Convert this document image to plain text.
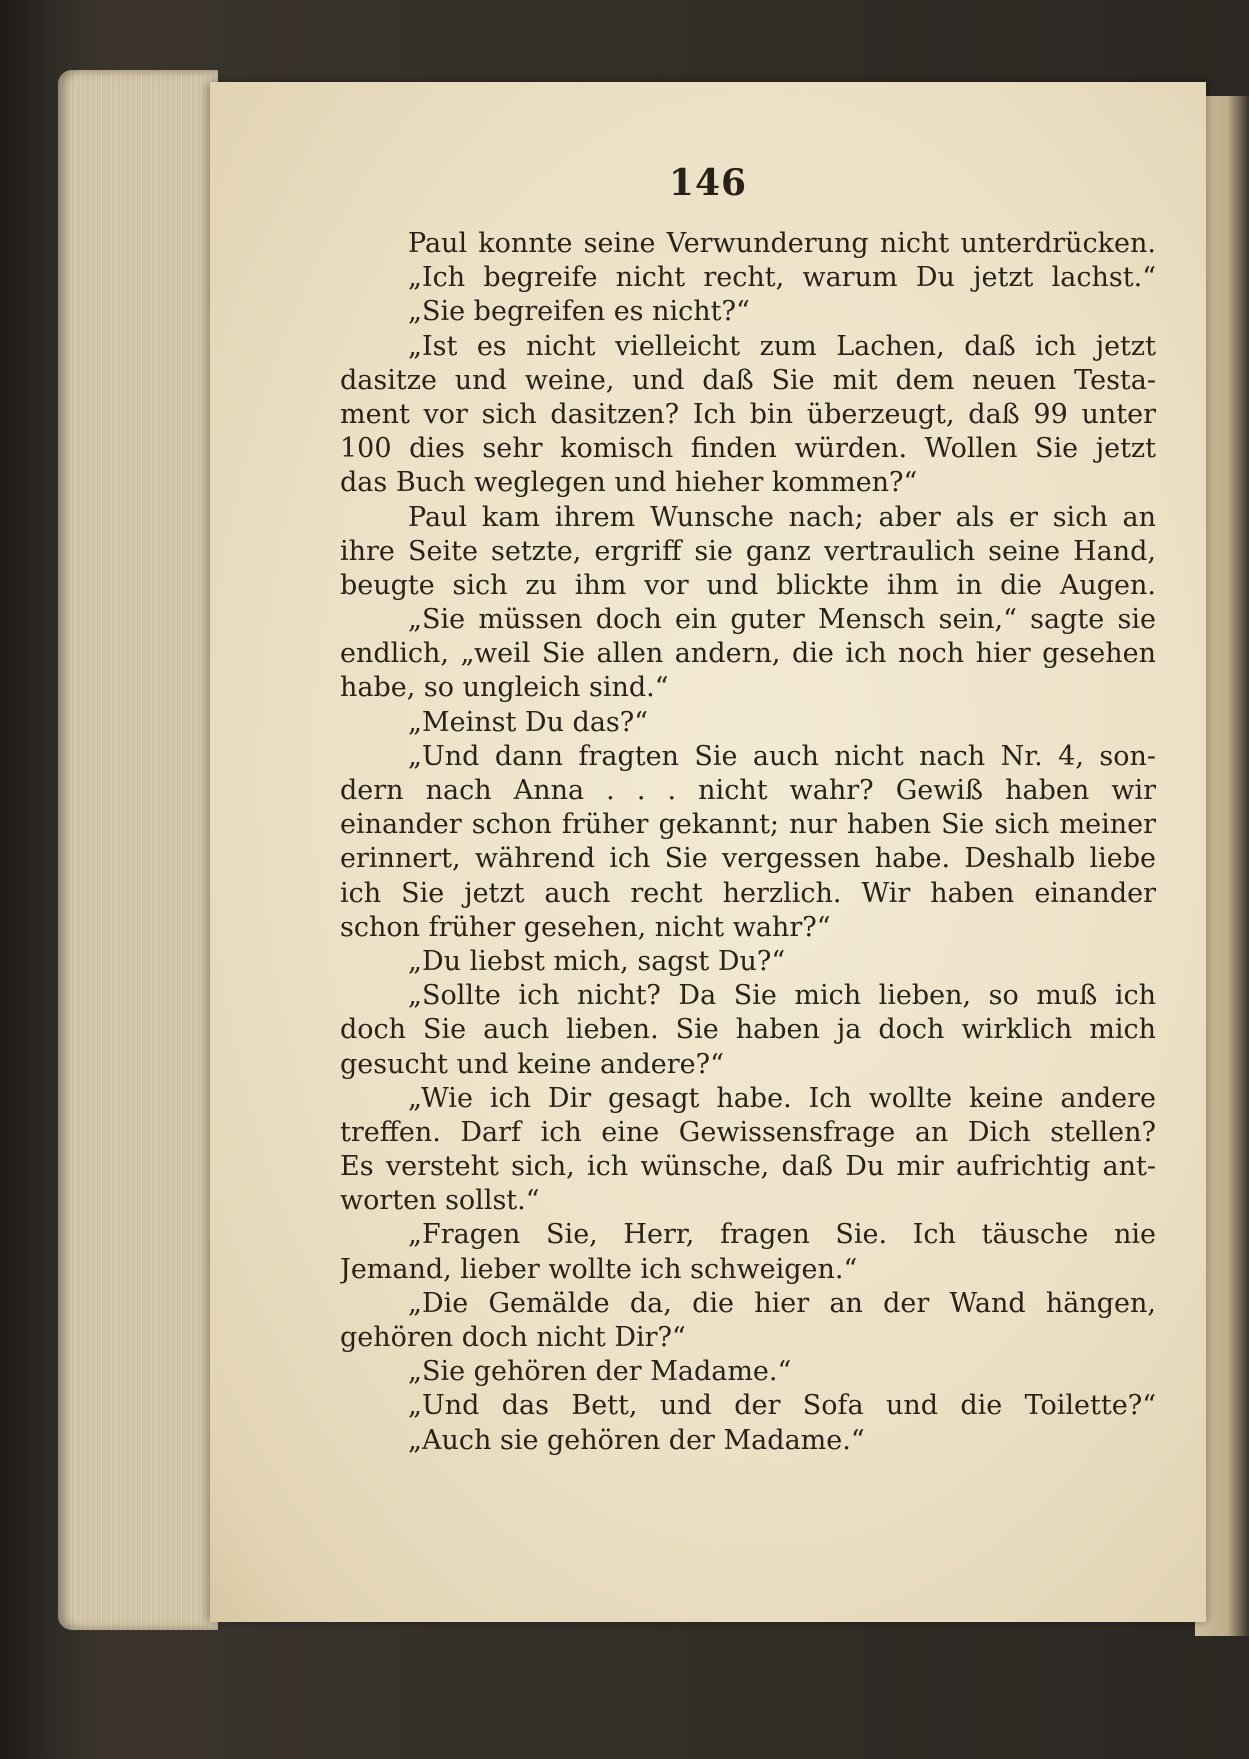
146
Paul konnte seine Verwunderung nicht unterdrücken.
„Ich begreife nicht recht, warum Du jetzt lachst.“
„Sie begreifen es nicht?“
„Ist es nicht vielleicht zum Lachen, daß ich jetzt
dasitze und weine, und daß Sie mit dem neuen Testa-
ment vor sich dasitzen? Ich bin überzeugt, daß 99 unter
100 dies sehr komisch finden würden. Wollen Sie jetzt
das Buch weglegen und hieher kommen?“
Paul kam ihrem Wunsche nach; aber als er sich an
ihre Seite setzte, ergriff sie ganz vertraulich seine Hand,
beugte sich zu ihm vor und blickte ihm in die Augen.
„Sie müssen doch ein guter Mensch sein,“ sagte sie
endlich, „weil Sie allen andern, die ich noch hier gesehen
habe, so ungleich sind.“
„Meinst Du das?“
„Und dann fragten Sie auch nicht nach Nr. 4, son-
dern nach Anna . . . nicht wahr? Gewiß haben wir
einander schon früher gekannt; nur haben Sie sich meiner
erinnert, während ich Sie vergessen habe. Deshalb liebe
ich Sie jetzt auch recht herzlich. Wir haben einander
schon früher gesehen, nicht wahr?“
„Du liebst mich, sagst Du?“
„Sollte ich nicht? Da Sie mich lieben, so muß ich
doch Sie auch lieben. Sie haben ja doch wirklich mich
gesucht und keine andere?“
„Wie ich Dir gesagt habe. Ich wollte keine andere
treffen. Darf ich eine Gewissensfrage an Dich stellen?
Es versteht sich, ich wünsche, daß Du mir aufrichtig ant-
worten sollst.“
„Fragen Sie, Herr, fragen Sie. Ich täusche nie
Jemand, lieber wollte ich schweigen.“
„Die Gemälde da, die hier an der Wand hängen,
gehören doch nicht Dir?“
„Sie gehören der Madame.“
„Und das Bett, und der Sofa und die Toilette?“
„Auch sie gehören der Madame.“
